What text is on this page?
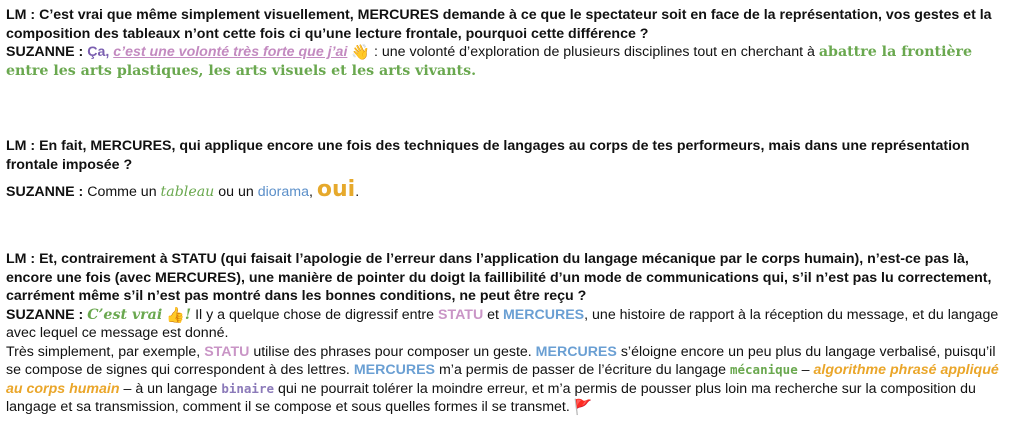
LM : C’est vrai que même simplement visuellement, MERCURES demande à ce que le spectateur soit en face de la représentation, vos gestes et la composition des tableaux n’ont cette fois ci qu’une lecture frontale, pourquoi cette différence ?

SUZANNE : Ça, c’est une volonté très forte que j’ai 👋 : une volonté d’exploration de plusieurs disciplines tout en cherchant à abattre la frontière entre les arts plastiques, les arts visuels et les arts vivants.

LM : En fait, MERCURES, qui applique encore une fois des techniques de langages au corps de tes performeurs, mais dans une représentation frontale imposée ?

SUZANNE : Comme un tableau ou un diorama, oui.

LM : Et, contrairement à STATU (qui faisait l’apologie de l’erreur dans l’application du langage mécanique par le corps humain), n’est-ce pas là, encore une fois (avec MERCURES), une manière de pointer du doigt la faillibilité d’un mode de communications qui, s’il n’est pas lu correctement, carrément même s’il n’est pas montré dans les bonnes conditions, ne peut être reçu ?

SUZANNE : C’est vrai 👍! Il y a quelque chose de digressif entre STATU et MERCURES, une histoire de rapport à la réception du message, et du langage avec lequel ce message est donné.

Très simplement, par exemple, STATU utilise des phrases pour composer un geste. MERCURES s’éloigne encore un peu plus du langage verbalisé, puisqu’il se compose de signes qui correspondent à des lettres. MERCURES m’a permis de passer de l’écriture du langage mécanique – algorithme phrasé appliqué au corps humain – à un langage binaire qui ne pourrait tolérer la moindre erreur, et m’a permis de pousser plus loin ma recherche sur la composition du langage et sa transmission, comment il se compose et sous quelles formes il se transmet. 🚩
